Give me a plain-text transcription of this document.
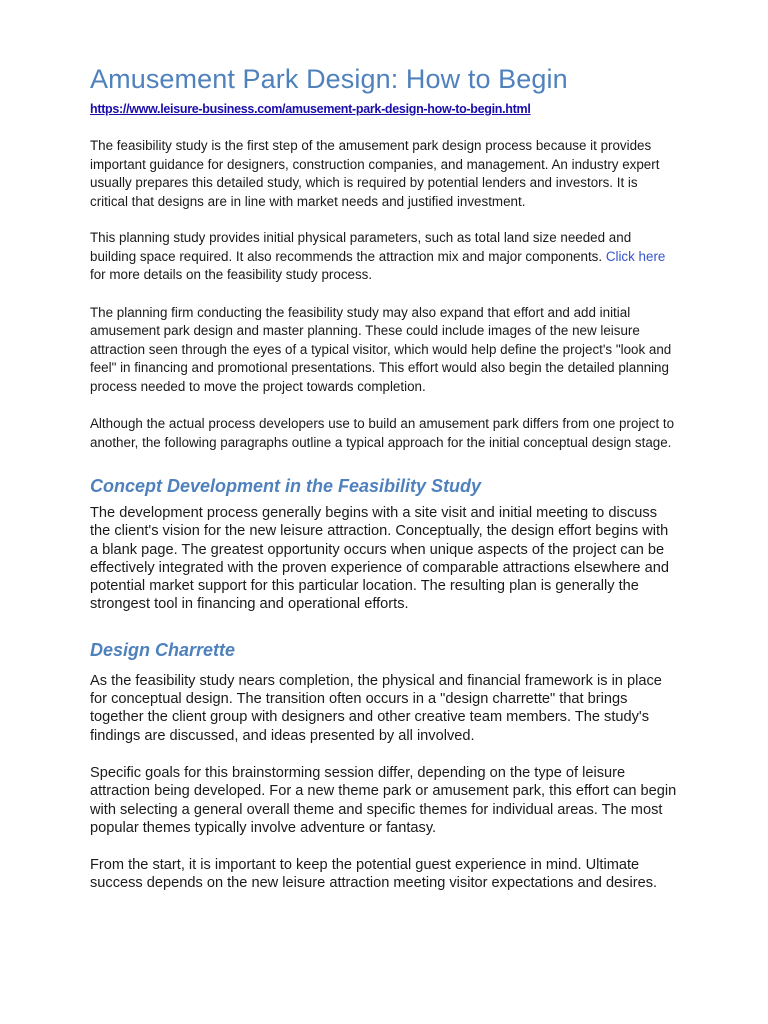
Amusement Park Design: How to Begin
https://www.leisure-business.com/amusement-park-design-how-to-begin.html

The feasibility study is the first step of the amusement park design process because it provides important guidance for designers, construction companies, and management. An industry expert usually prepares this detailed study, which is required by potential lenders and investors. It is critical that designs are in line with market needs and justified investment.

This planning study provides initial physical parameters, such as total land size needed and building space required. It also recommends the attraction mix and major components. Click here for more details on the feasibility study process.

The planning firm conducting the feasibility study may also expand that effort and add initial amusement park design and master planning. These could include images of the new leisure attraction seen through the eyes of a typical visitor, which would help define the project's "look and feel" in financing and promotional presentations. This effort would also begin the detailed planning process needed to move the project towards completion.

Although the actual process developers use to build an amusement park differs from one project to another, the following paragraphs outline a typical approach for the initial conceptual design stage.

Concept Development in the Feasibility Study

The development process generally begins with a site visit and initial meeting to discuss the client's vision for the new leisure attraction. Conceptually, the design effort begins with a blank page. The greatest opportunity occurs when unique aspects of the project can be effectively integrated with the proven experience of comparable attractions elsewhere and potential market support for this particular location. The resulting plan is generally the strongest tool in financing and operational efforts.

Design Charrette

As the feasibility study nears completion, the physical and financial framework is in place for conceptual design. The transition often occurs in a "design charrette" that brings together the client group with designers and other creative team members. The study's findings are discussed, and ideas presented by all involved.

Specific goals for this brainstorming session differ, depending on the type of leisure attraction being developed. For a new theme park or amusement park, this effort can begin with selecting a general overall theme and specific themes for individual areas. The most popular themes typically involve adventure or fantasy.

From the start, it is important to keep the potential guest experience in mind. Ultimate success depends on the new leisure attraction meeting visitor expectations and desires.
